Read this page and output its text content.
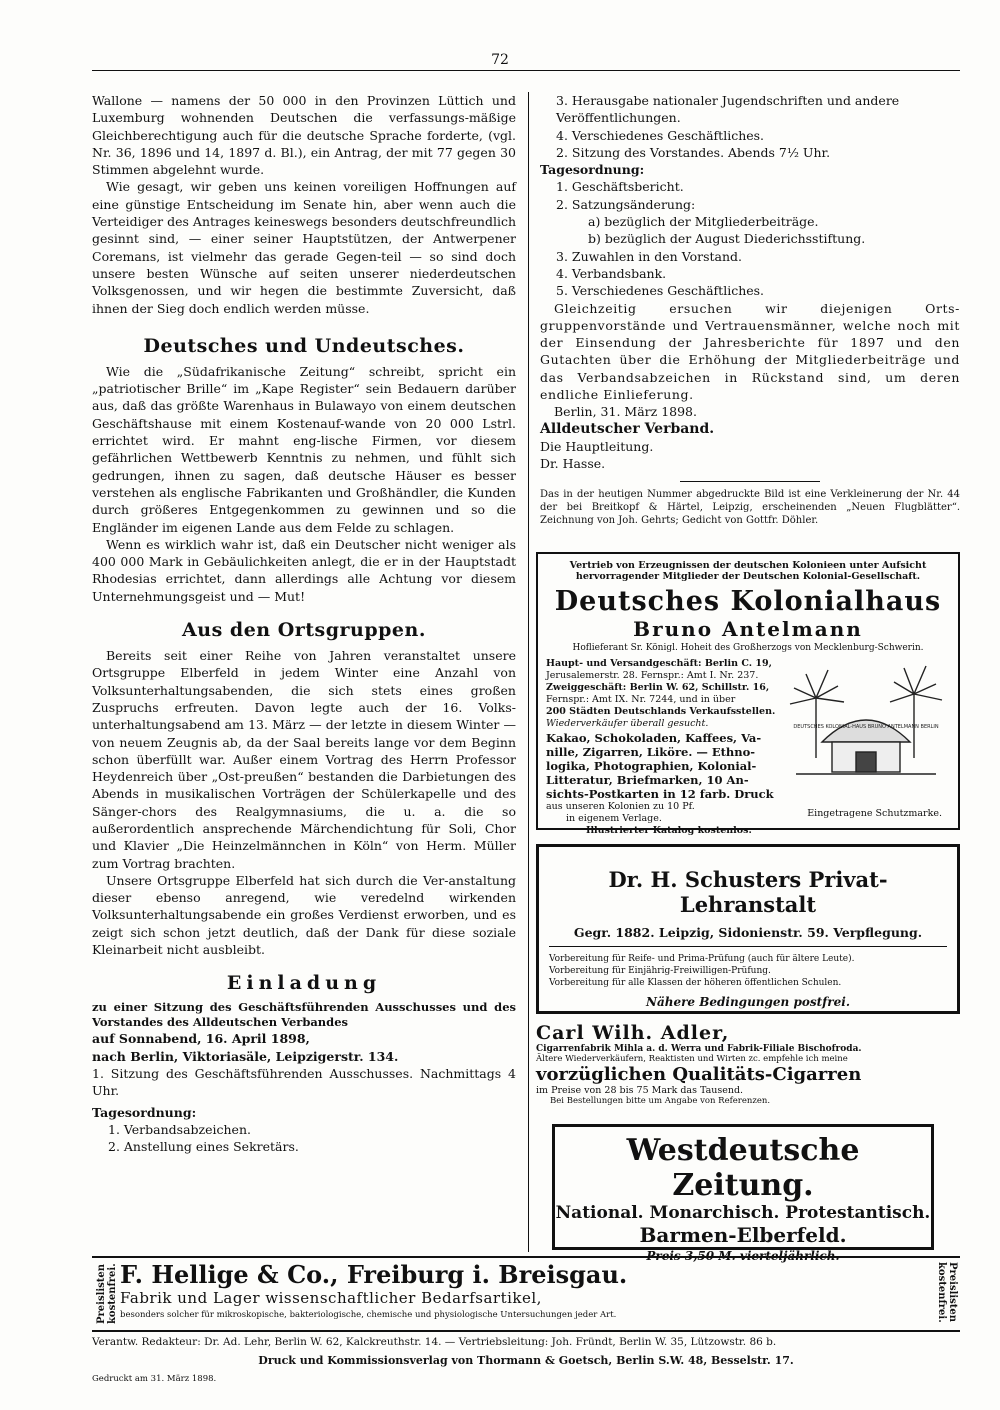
72

Wallone — namens der 50 000 in den Provinzen Lüttich und Luxemburg wohnenden Deutschen die verfassungs-mäßige Gleichberechtigung auch für die deutsche Sprache forderte, (vgl. Nr. 36, 1896 und 14, 1897 d. Bl.), ein Antrag, der mit 77 gegen 30 Stimmen abgelehnt wurde.

Wie gesagt, wir geben uns keinen voreiligen Hoffnungen auf eine günstige Entscheidung im Senate hin, aber wenn auch die Verteidiger des Antrages keineswegs besonders deutschfreundlich gesinnt sind, — einer seiner Hauptstützen, der Antwerpener Coremans, ist vielmehr das gerade Gegen-teil — so sind doch unsere besten Wünsche auf seiten unserer niederdeutschen Volksgenossen, und wir hegen die bestimmte Zuversicht, daß ihnen der Sieg doch endlich werden müsse.

Deutsches und Undeutsches.

Wie die „Südafrikanische Zeitung“ schreibt, spricht ein „patriotischer Brille“ im „Kape Register“ sein Bedauern darüber aus, daß das größte Warenhaus in Bulawayo von einem deutschen Geschäftshause mit einem Kostenauf-wande von 20 000 Lstrl. errichtet wird. Er mahnt eng-lische Firmen, vor diesem gefährlichen Wettbewerb Kenntnis zu nehmen, und fühlt sich gedrungen, ihnen zu sagen, daß deutsche Häuser es besser verstehen als englische Fabrikanten und Großhändler, die Kunden durch größeres Entgegenkommen zu gewinnen und so die Engländer im eigenen Lande aus dem Felde zu schlagen.

Wenn es wirklich wahr ist, daß ein Deutscher nicht weniger als 400 000 Mark in Gebäulichkeiten anlegt, die er in der Hauptstadt Rhodesias errichtet, dann allerdings alle Achtung vor diesem Unternehmungsgeist und — Mut!

Aus den Ortsgruppen.

Bereits seit einer Reihe von Jahren veranstaltet unsere Ortsgruppe Elberfeld in jedem Winter eine Anzahl von Volksunterhaltungsabenden, die sich stets eines großen Zuspruchs erfreuten. Davon legte auch der 16. Volks-unterhaltungsabend am 13. März — der letzte in diesem Winter — von neuem Zeugnis ab, da der Saal bereits lange vor dem Beginn schon überfüllt war. Außer einem Vortrag des Herrn Professor Heydenreich über „Ost-preußen“ bestanden die Darbietungen des Abends in musikalischen Vorträgen der Schülerkapelle und des Sänger-chors des Realgymnasiums, die u. a. die so außerordentlich ansprechende Märchendichtung für Soli, Chor und Klavier „Die Heinzelmännchen in Köln“ von Herm. Müller zum Vortrag brachten.

Unsere Ortsgruppe Elberfeld hat sich durch die Ver-anstaltung dieser ebenso anregend, wie veredelnd wirkenden Volksunterhaltungsabende ein großes Verdienst erworben, und es zeigt sich schon jetzt deutlich, daß der Dank für diese soziale Kleinarbeit nicht ausbleibt.

Einladung

zu einer Sitzung des Geschäftsführenden Ausschusses und des Vorstandes des Alldeutschen Verbandes

auf Sonnabend, 16. April 1898,

nach Berlin, Viktoriasäle, Leipzigerstr. 134.

1. Sitzung des Geschäftsführenden Ausschusses. Nachmittags 4 Uhr.

Tagesordnung:

1. Verbandsabzeichen.
2. Anstellung eines Sekretärs.
3. Herausgabe nationaler Jugendschriften und andere Veröffentlichungen.
4. Verschiedenes Geschäftliches.

2. Sitzung des Vorstandes. Abends 7½ Uhr.

Tagesordnung:

1. Geschäftsbericht.
2. Satzungsänderung:
a) bezüglich der Mitgliederbeiträge.
b) bezüglich der August Diederichsstiftung.
3. Zuwahlen in den Vorstand.
4. Verbandsbank.
5. Verschiedenes Geschäftliches.

Gleichzeitig ersuchen wir diejenigen Orts-gruppenvorstände und Vertrauensmänner, welche noch mit der Einsendung der Jahresberichte für 1897 und den Gutachten über die Erhöhung der Mitgliederbeiträge und das Verbandsabzeichen in Rückstand sind, um deren endliche Einlieferung.

Berlin, 31. März 1898.

Alldeutscher Verband.

Die Hauptleitung.

Dr. Hasse.

Das in der heutigen Nummer abgedruckte Bild ist eine Verkleinerung der Nr. 44 der bei Breitkopf & Härtel, Leipzig, erscheinenden „Neuen Flugblätter“. Zeichnung von Joh. Gehrts; Gedicht von Gottfr. Döhler.

Vertrieb von Erzeugnissen der deutschen Kolonieen unter Aufsicht hervorragender Mitglieder der Deutschen Kolonial-Gesellschaft.
Deutsches Kolonialhaus
Bruno Antelmann
Hoflieferant Sr. Königl. Hoheit des Großherzogs von Mecklenburg-Schwerin.
Haupt- und Versandgeschäft: Berlin C. 19,
Jerusalemerstr. 28. Fernspr.: Amt I. Nr. 237.
Zweiggeschäft: Berlin W. 62, Schillstr. 16,
Fernspr.: Amt IX. Nr. 7244, und in über
200 Städten Deutschlands Verkaufsstellen.
Wiederverkäufer überall gesucht.
Kakao, Schokoladen, Kaffees, Va-
nille, Zigarren, Liköre. — Ethno-
logika, Photographien, Kolonial-
Litteratur, Briefmarken, 10 An-
sichts-Postkarten in 12 farb. Druck
aus unseren Kolonien zu 10 Pf.
in eigenem Verlage.
Illustrierter Katalog kostenlos.
DEUTSCHES KOLONIAL-HAUS BRUNO ANTELMANN BERLIN
Eingetragene Schutzmarke.
Dr. H. Schusters Privat-Lehranstalt
Gegr. 1882. Leipzig, Sidonienstr. 59. Verpflegung.
Vorbereitung für Reife- und Prima-Prüfung (auch für ältere Leute).
Vorbereitung für Einjährig-Freiwilligen-Prüfung.
Vorbereitung für alle Klassen der höheren öffentlichen Schulen.
Nähere Bedingungen postfrei.
Carl Wilh. Adler,
Cigarrenfabrik Mihla a. d. Werra und Fabrik-Filiale Bischofroda.
Ältere Wiederverkäufern, Reaktisten und Wirten zc. empfehle ich meine
vorzüglichen Qualitäts-Cigarren
im Preise von 28 bis 75 Mark das Tausend.
Bei Bestellungen bitte um Angabe von Referenzen.
Westdeutsche Zeitung.
National. Monarchisch. Protestantisch.
Barmen-Elberfeld.
Preislisten kostenfrei.	Preislisten kostenfrei.
F. Hellige & Co., Freiburg i. Breisgau.
Fabrik und Lager wissenschaftlicher Bedarfsartikel,
besonders solcher für mikroskopische, bakteriologische, chemische und physiologische Untersuchungen jeder Art.
Verantw. Redakteur: Dr. Ad. Lehr, Berlin W. 62, Kalckreuthstr. 14. — Vertriebsleitung: Joh. Fründt, Berlin W. 35, Lützowstr. 86 b.
Druck und Kommissionsverlag von Thormann & Goetsch, Berlin S.W. 48, Besselstr. 17.
Gedruckt am 31. März 1898.
